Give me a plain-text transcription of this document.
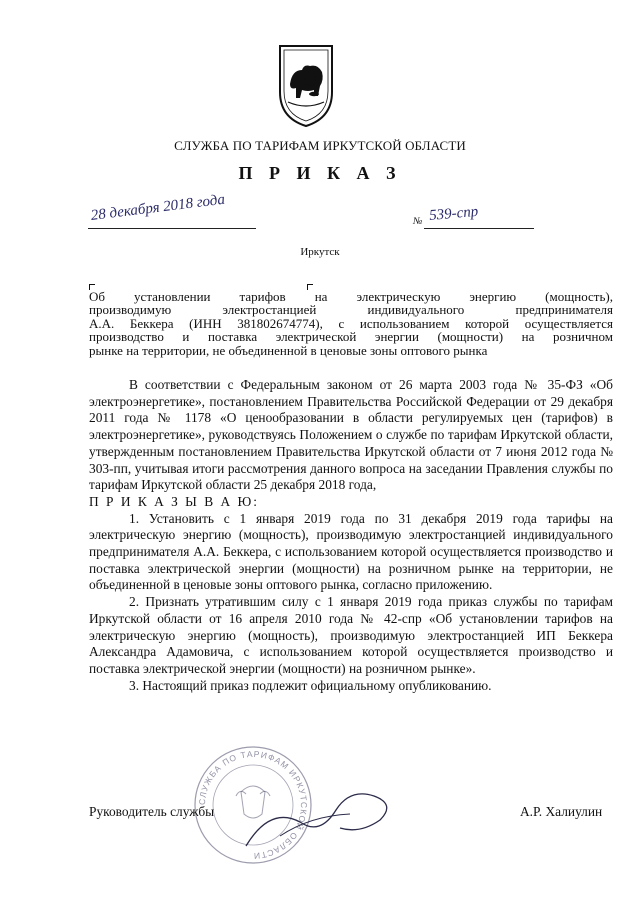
СЛУЖБА ПО ТАРИФАМ ИРКУТСКОЙ ОБЛАСТИ
П Р И К А З
28 декабря 2018 года	№ 539-спр
Иркутск
Об установлении тарифов на электрическую энергию (мощность),
производимую электростанцией индивидуального предпринимателя
А.А. Беккера (ИНН 381802674774), с использованием которой осуществляется
производство и поставка электрической энергии (мощности) на розничном
рынке на территории, не объединенной в ценовые зоны оптового рынка
В соответствии с Федеральным законом от 26 марта 2003 года № 35-ФЗ «Об электроэнергетике», постановлением Правительства Российской Федерации от 29 декабря 2011 года № 1178 «О ценообразовании в области регулируемых цен (тарифов) в электроэнергетике», руководствуясь Положением о службе по тарифам Иркутской области, утвержденным постановлением Правительства Иркутской области от 7 июня 2012 года № 303-пп, учитывая итоги рассмотрения данного вопроса на заседании Правления службы по тарифам Иркутской области 25 декабря 2018 года,
П Р И К А З Ы В А Ю:
1. Установить с 1 января 2019 года по 31 декабря 2019 года тарифы на электрическую энергию (мощность), производимую электростанцией индивидуального предпринимателя А.А. Беккера, с использованием которой осуществляется производство и поставка электрической энергии (мощности) на розничном рынке на территории, не объединенной в ценовые зоны оптового рынка, согласно приложению.
2. Признать утратившим силу с 1 января 2019 года приказ службы по тарифам Иркутской области от 16 апреля 2010 года № 42-спр «Об установлении тарифов на электрическую энергию (мощность), производимую электростанцией ИП Беккера Александра Адамовича, с использованием которой осуществляется производство и поставка электрической энергии (мощности) на розничном рынке».
3. Настоящий приказ подлежит официальному опубликованию.
СЛУЖБА ПО ТАРИФАМ ИРКУТСКОЙ ОБЛАСТИ
Руководитель службы	А.Р. Халиулин
